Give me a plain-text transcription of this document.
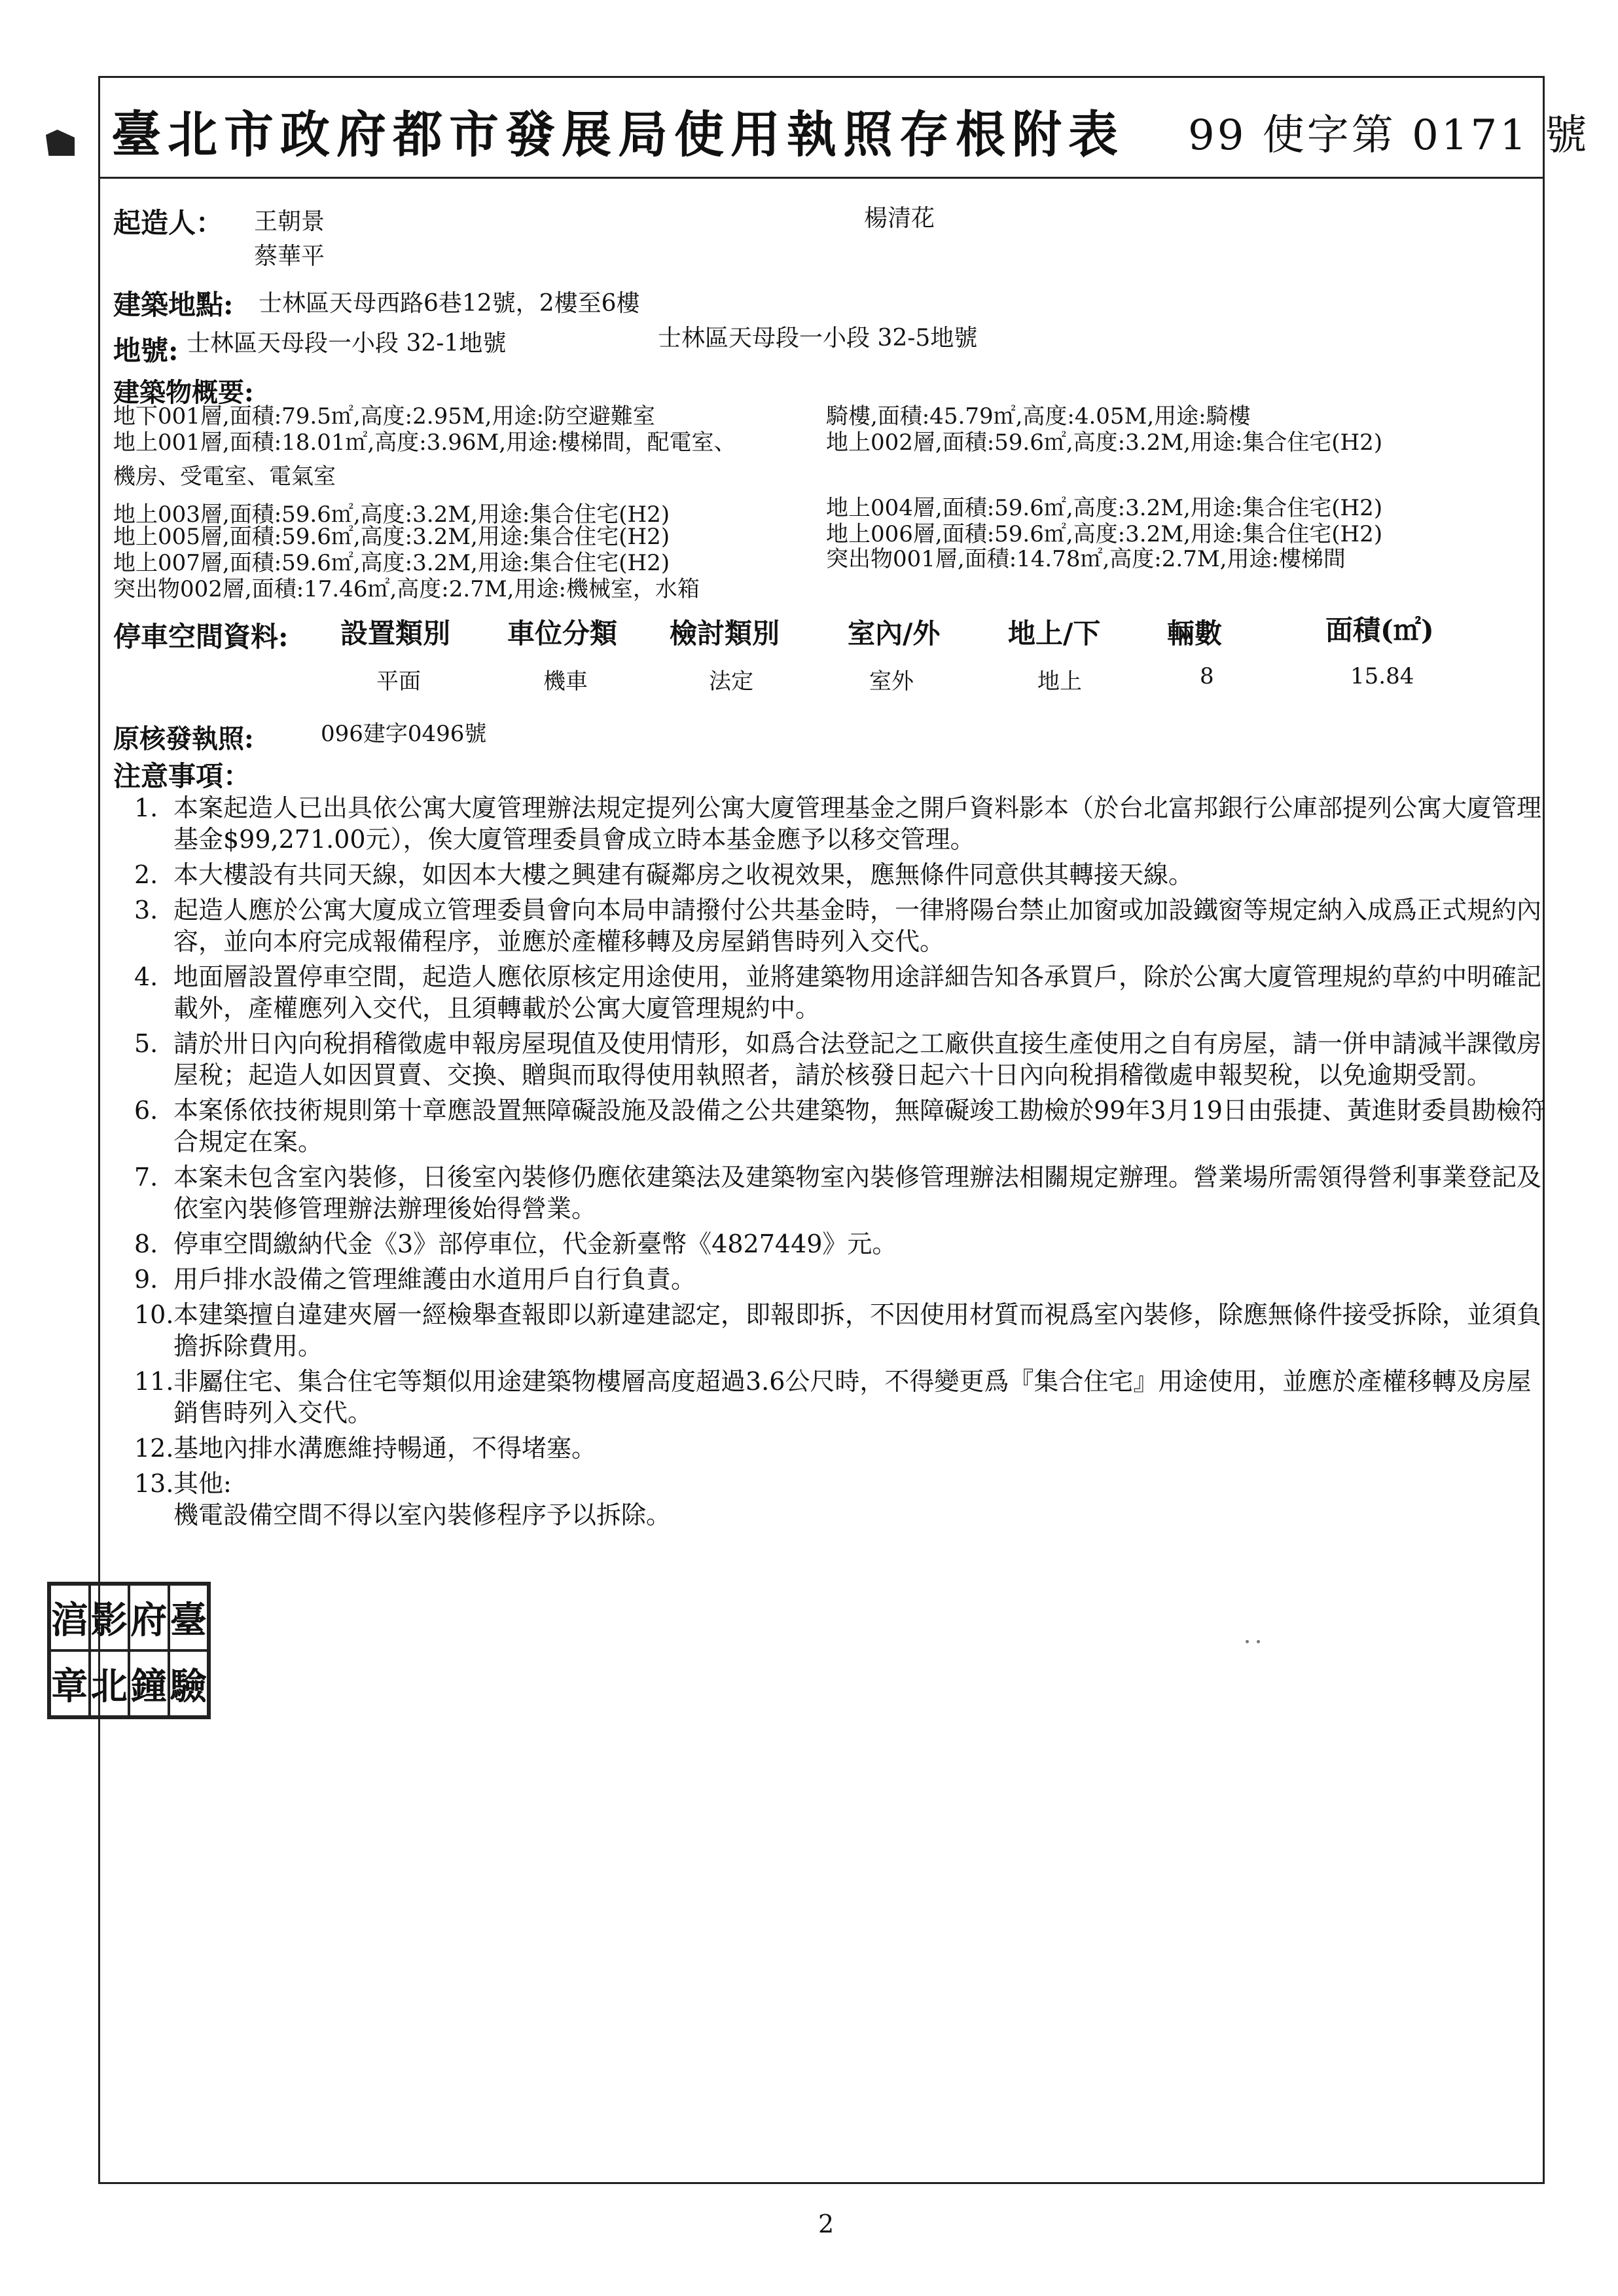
臺北市政府都市發展局使用執照存根附表 99 使字第 0171 號
起造人： 王朝景	楊清花
蔡華平
建築地點: 士林區天母西路6巷12號，2樓至6樓
地號: 士林區天母段一小段 32-1地號	士林區天母段一小段 32-5地號
建築物概要:
地下001層,面積:79.5㎡,高度:2.95M,用途:防空避難室	騎樓,面積:45.79㎡,高度:4.05M,用途:騎樓
地上001層,面積:18.01㎡,高度:3.96M,用途:樓梯間，配電室、	地上002層,面積:59.6㎡,高度:3.2M,用途:集合住宅(H2)
機房、受電室、電氣室
地上003層,面積:59.6㎡,高度:3.2M,用途:集合住宅(H2)	地上004層,面積:59.6㎡,高度:3.2M,用途:集合住宅(H2)
地上005層,面積:59.6㎡,高度:3.2M,用途:集合住宅(H2)	地上006層,面積:59.6㎡,高度:3.2M,用途:集合住宅(H2)
地上007層,面積:59.6㎡,高度:3.2M,用途:集合住宅(H2)	突出物001層,面積:14.78㎡,高度:2.7M,用途:樓梯間
突出物002層,面積:17.46㎡,高度:2.7M,用途:機械室，水箱
停車空間資料: 設置類別 車位分類 檢討類別 室內/外 地上/下 輛數	面積(㎡)
平面	機車	法定	室外	地上	8	15.84
原核發執照:	096建字0496號
注意事項：
1. 本案起造人已出具依公寓大廈管理辦法規定提列公寓大廈管理基金之開戶資料影本（於台北富邦銀行公庫部提列公寓大廈管理基金$99,271.00元），俟大廈管理委員會成立時本基金應予以移交管理。
2. 本大樓設有共同天線，如因本大樓之興建有礙鄰房之收視效果，應無條件同意供其轉接天線。
3. 起造人應於公寓大廈成立管理委員會向本局申請撥付公共基金時，一律將陽台禁止加窗或加設鐵窗等規定納入成爲正式規約內容，並向本府完成報備程序，並應於產權移轉及房屋銷售時列入交代。
4. 地面層設置停車空間，起造人應依原核定用途使用，並將建築物用途詳細告知各承買戶，除於公寓大廈管理規約草約中明確記載外，產權應列入交代，且須轉載於公寓大廈管理規約中。
5. 請於卅日內向稅捐稽徵處申報房屋現值及使用情形，如爲合法登記之工廠供直接生產使用之自有房屋，請一併申請減半課徵房屋稅；起造人如因買賣、交換、贈與而取得使用執照者，請於核發日起六十日內向稅捐稽徵處申報契稅，以免逾期受罰。
6. 本案係依技術規則第十章應設置無障礙設施及設備之公共建築物，無障礙竣工勘檢於99年3月19日由張捷、黃進財委員勘檢符合規定在案。
7. 本案未包含室內裝修，日後室內裝修仍應依建築法及建築物室內裝修管理辦法相關規定辦理。營業場所需領得營利事業登記及依室內裝修管理辦法辦理後始得營業。
8. 停車空間繳納代金《3》部停車位，代金新臺幣《4827449》元。
9. 用戶排水設備之管理維護由水道用戶自行負責。
10. 本建築擅自違建夾層一經檢舉查報即以新違建認定，即報即拆，不因使用材質而視爲室內裝修，除應無條件接受拆除，並須負擔拆除費用。
11. 非屬住宅、集合住宅等類似用途建築物樓層高度超過3.6公尺時，不得變更爲『集合住宅』用途使用，並應於產權移轉及房屋銷售時列入交代。
12. 基地內排水溝應維持暢通，不得堵塞。
13. 其他:
機電設備空間不得以室內裝修程序予以拆除。
湻 影 府 臺
章 北 鐘 驗
2
